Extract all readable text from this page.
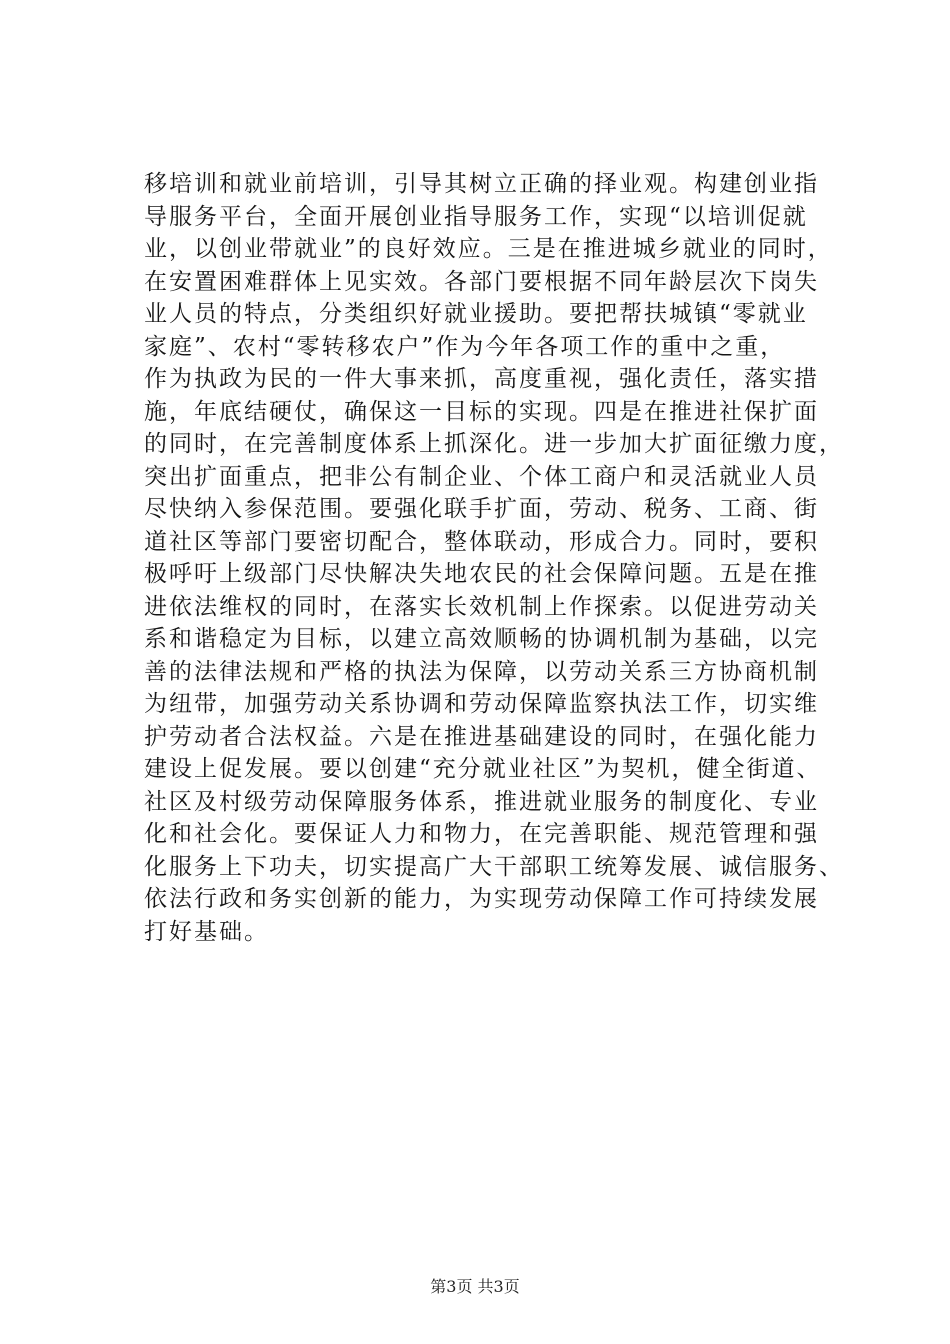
移培训和就业前培训，引导其树立正确的择业观。构建创业指
导服务平台，全面开展创业指导服务工作，实现“以培训促就
业，以创业带就业”的良好效应。三是在推进城乡就业的同时，
在安置困难群体上见实效。各部门要根据不同年龄层次下岗失
业人员的特点，分类组织好就业援助。要把帮扶城镇“零就业
家庭”、农村“零转移农户”作为今年各项工作的重中之重，
作为执政为民的一件大事来抓，高度重视，强化责任，落实措
施，年底结硬仗，确保这一目标的实现。四是在推进社保扩面
的同时，在完善制度体系上抓深化。进一步加大扩面征缴力度，
突出扩面重点，把非公有制企业、个体工商户和灵活就业人员
尽快纳入参保范围。要强化联手扩面，劳动、税务、工商、街
道社区等部门要密切配合，整体联动，形成合力。同时，要积
极呼吁上级部门尽快解决失地农民的社会保障问题。五是在推
进依法维权的同时，在落实长效机制上作探索。以促进劳动关
系和谐稳定为目标，以建立高效顺畅的协调机制为基础，以完
善的法律法规和严格的执法为保障，以劳动关系三方协商机制
为纽带，加强劳动关系协调和劳动保障监察执法工作，切实维
护劳动者合法权益。六是在推进基础建设的同时，在强化能力
建设上促发展。要以创建“充分就业社区”为契机，健全街道、
社区及村级劳动保障服务体系，推进就业服务的制度化、专业
化和社会化。要保证人力和物力，在完善职能、规范管理和强
化服务上下功夫，切实提高广大干部职工统筹发展、诚信服务、
依法行政和务实创新的能力，为实现劳动保障工作可持续发展
打好基础。
第3页 共3页
